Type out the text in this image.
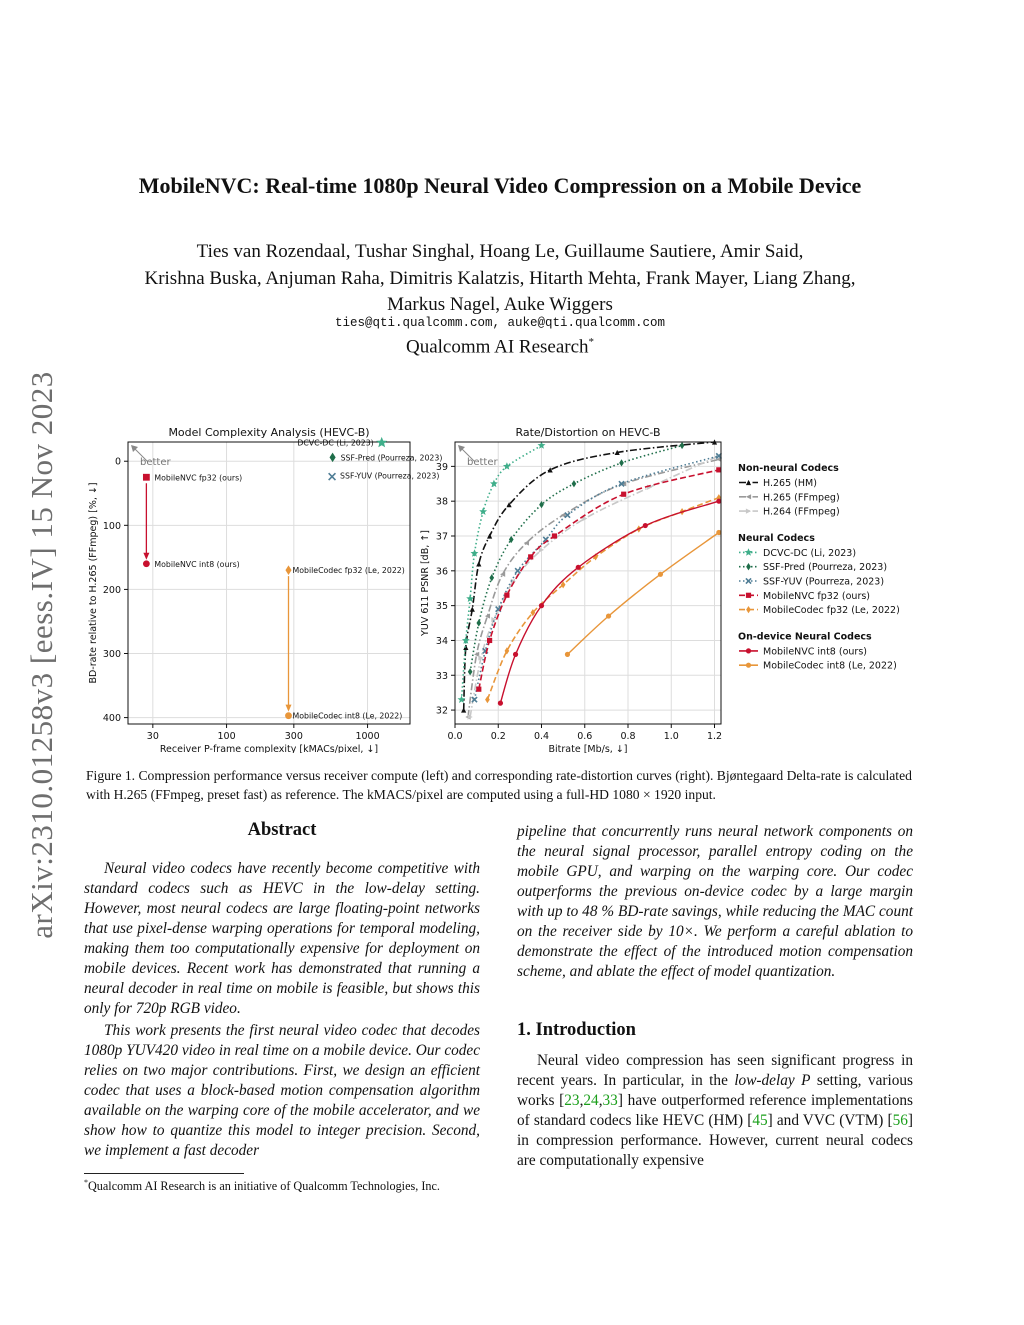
arXiv:2310.01258v3 [eess.IV] 15 Nov 2023
MobileNVC: Real-time 1080p Neural Video Compression on a Mobile Device
Ties van Rozendaal, Tushar Singhal, Hoang Le, Guillaume Sautiere, Amir Said,
Krishna Buska, Anjuman Raha, Dimitris Kalatzis, Hitarth Mehta, Frank Mayer, Liang Zhang,
Markus Nagel, Auke Wiggers
ties@qti.qualcomm.com, auke@qti.qualcomm.com
Qualcomm AI Research*
30	100	300	1000
0
100
200
300
400
Model Complexity Analysis (HEVC-B)
Receiver P-frame complexity [kMACs/pixel, ↓]
BD-rate relative to H.265 (FFmpeg) [%, ↓]
better
DCVC-DC (Li, 2023)
SSF-Pred (Pourreza, 2023)
SSF-YUV (Pourreza, 2023)
MobileNVC fp32 (ours)
MobileNVC int8 (ours)
MobileCodec fp32 (Le, 2022)
MobileCodec int8 (Le, 2022)
0.0	0.2	0.4	0.6	0.8	1.0	1.2
32
33
34
35
36
37
38
39
Rate/Distortion on HEVC-B
Bitrate [Mb/s, ↓]
YUV 611 PSNR [dB, ↑]
better
Non-neural Codecs
H.265 (HM)
H.265 (FFmpeg)
H.264 (FFmpeg)
Neural Codecs
DCVC-DC (Li, 2023)
SSF-Pred (Pourreza, 2023)
SSF-YUV (Pourreza, 2023)
MobileNVC fp32 (ours)
MobileCodec fp32 (Le, 2022)
On-device Neural Codecs
MobileNVC int8 (ours)
MobileCodec int8 (Le, 2022)
Figure 1. Compression performance versus receiver compute (left) and corresponding rate-distortion curves (right). Bjøntegaard Delta-rate is calculated with H.265 (FFmpeg, preset fast) as reference. The kMACS/pixel are computed using a full-HD 1080 × 1920 input.

Abstract

Neural video codecs have recently become competitive with standard codecs such as HEVC in the low-delay setting. However, most neural codecs are large floating-point networks that use pixel-dense warping operations for temporal modeling, making them too computationally expensive for deployment on mobile devices. Recent work has demonstrated that running a neural decoder in real time on mobile is feasible, but shows this only for 720p RGB video.

This work presents the first neural video codec that decodes 1080p YUV420 video in real time on a mobile device. Our codec relies on two major contributions. First, we design an efficient codec that uses a block-based motion compensation algorithm available on the warping core of the mobile accelerator, and we show how to quantize this model to integer precision. Second, we implement a fast decoder

pipeline that concurrently runs neural network components on the neural signal processor, parallel entropy coding on the mobile GPU, and warping on the warping core. Our codec outperforms the previous on-device codec by a large margin with up to 48 % BD-rate savings, while reducing the MAC count on the receiver side by 10×. We perform a careful ablation to demonstrate the effect of the introduced motion compensation scheme, and ablate the effect of model quantization.

1. Introduction

Neural video compression has seen significant progress in recent years. In particular, in the low-delay P setting, various works [23,24,33] have outperformed reference implementations of standard codecs like HEVC (HM) [45] and VVC (VTM) [56] in compression performance. However, current neural codecs are computationally expensive

*Qualcomm AI Research is an initiative of Qualcomm Technologies, Inc.
